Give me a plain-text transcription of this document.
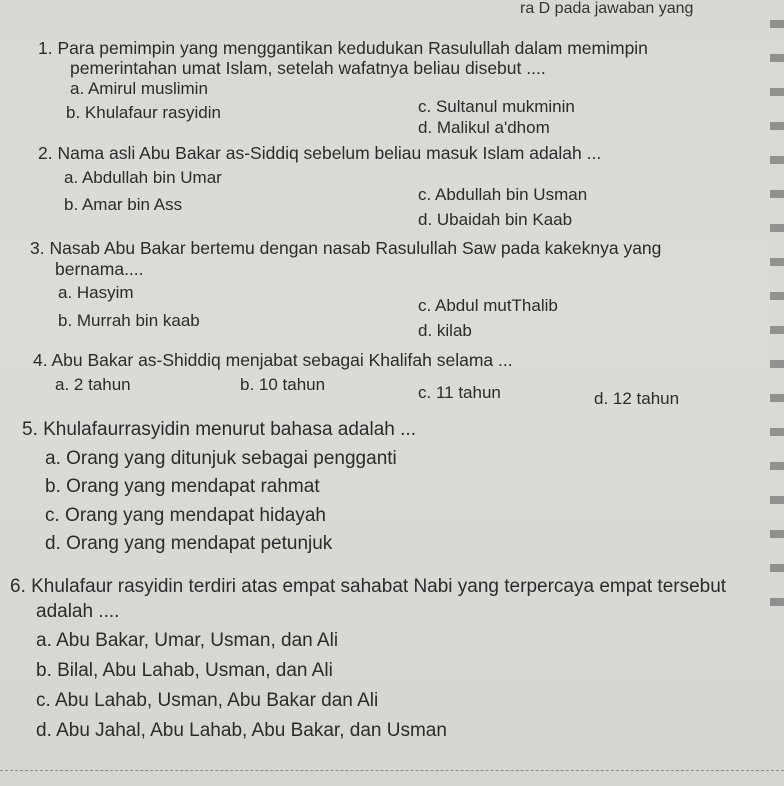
ra D pada jawaban yang
1. Para pemimpin yang menggantikan kedudukan Rasulullah dalam memimpin
pemerintahan umat Islam, setelah wafatnya beliau disebut ....
a. Amirul muslimin
b. Khulafaur rasyidin	c. Sultanul mukminin
d. Malikul a'dhom
2. Nama asli Abu Bakar as-Siddiq sebelum beliau masuk Islam adalah ...
a. Abdullah bin Umar
b. Amar bin Ass
c. Abdullah bin Usman
d. Ubaidah bin Kaab
3. Nasab Abu Bakar bertemu dengan nasab Rasulullah Saw pada kakeknya yang
bernama....
a. Hasyim
b. Murrah bin kaab
c. Abdul mutThalib
d. kilab
4. Abu Bakar as-Shiddiq menjabat sebagai Khalifah selama ...
a. 2 tahun	b. 10 tahun	c. 11 tahun	d. 12 tahun
5. Khulafaurrasyidin menurut bahasa adalah ...
a. Orang yang ditunjuk sebagai pengganti
b. Orang yang mendapat rahmat
c. Orang yang mendapat hidayah
d. Orang yang mendapat petunjuk
6. Khulafaur rasyidin terdiri atas empat sahabat Nabi yang terpercaya empat tersebut
adalah ....
a. Abu Bakar, Umar, Usman, dan Ali
b. Bilal, Abu Lahab, Usman, dan Ali
c. Abu Lahab, Usman, Abu Bakar dan Ali
d. Abu Jahal, Abu Lahab, Abu Bakar, dan Usman
